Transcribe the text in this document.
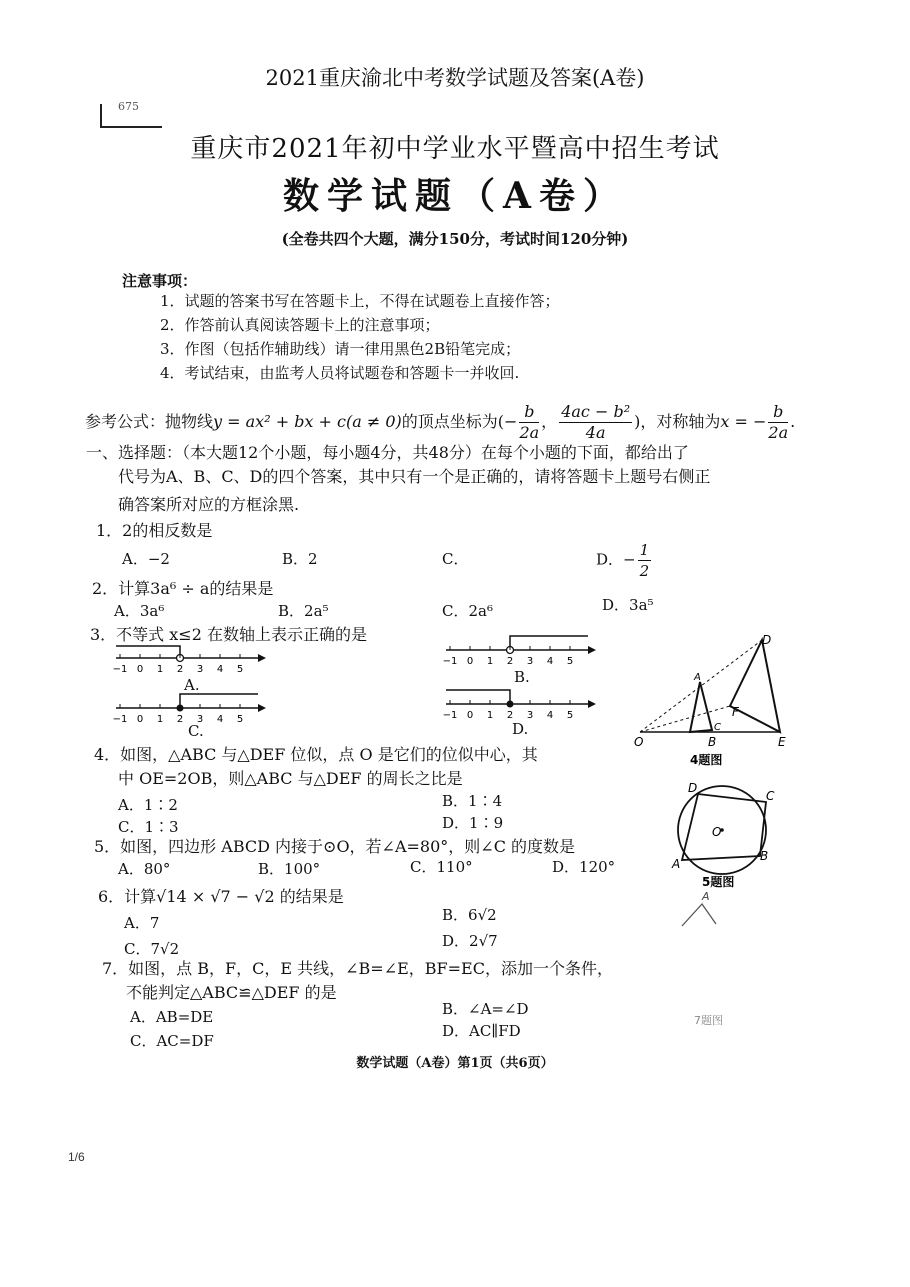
2021重庆渝北中考数学试题及答案(A卷)
675
重庆市2021年初中学业水平暨高中招生考试
数学试题（A卷）
(全卷共四个大题，满分150分，考试时间120分钟)
注意事项：
1．试题的答案书写在答题卡上，不得在试题卷上直接作答；
2．作答前认真阅读答题卡上的注意事项；
3．作图（包括作辅助线）请一律用黑色2B铅笔完成；
4．考试结束，由监考人员将试题卷和答题卡一并收回.
参考公式：抛物线y = ax² + bx + c(a ≠ 0)的顶点坐标为(− $\frac{b}{2a}$ ， $\frac{\text{4ac − b²}}{4a}$ )，对称轴为x = − $\frac{b}{2a}$ .
一、选择题：（本大题12个小题，每小题4分，共48分）在每个小题的下面，都给出了
代号为A、B、C、D的四个答案，其中只有一个是正确的，请将答题卡上题号右侧正
确答案所对应的方框涂黑.
1．2的相反数是
A．−2	B．2	C．	D．− $\frac{1}{2}$
2．计算3a⁶ ÷ a的结果是
A．3a⁶	B．2a⁵	C．2a⁶	D．3a⁵
3．不等式 x≤2 在数轴上表示正确的是
−1 0 1 2 3 4 5
A.
−1 0 1 2 3 4 5
B.
−1 0 1 2 3 4 5
C.
−1 0 1 2 3 4 5
D.
D
F
E
B
O
C
A
4题图
4．如图，△ABC 与△DEF 位似，点 O 是它们的位似中心，其
中 OE=2OB，则△ABC 与△DEF 的周长之比是
A．1∶2	B．1∶4
C．1∶3	D．1∶9
D
C
O
A
B
5题图
5．如图，四边形 ABCD 内接于⊙O，若∠A=80°，则∠C 的度数是
A．80°	B．100°	C．110°	D．120°
6．计算√14 × √7 − √2 的结果是
A．7	B．6√2
C．7√2	D．2√7
A
7题图
7．如图，点 B，F，C，E 共线，∠B=∠E，BF=EC，添加一个条件，
不能判定△ABC≌△DEF 的是
A．AB=DE	B．∠A=∠D
C．AC=DF
D．AC∥FD
数学试题（A卷）第1页（共6页）
1/6
